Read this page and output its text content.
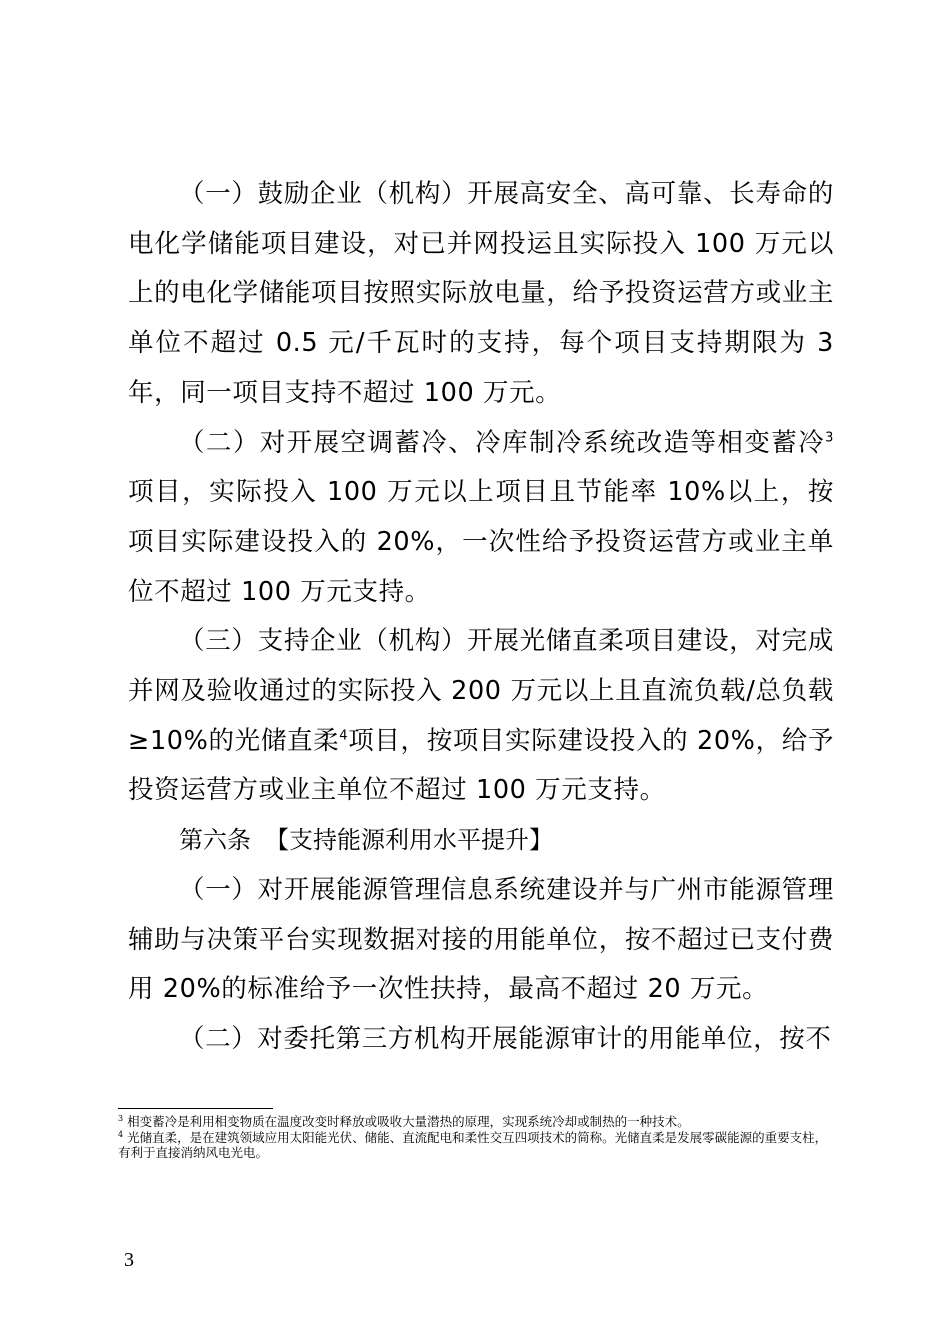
（一）鼓励企业（机构）开展高安全、高可靠、长寿命的电化学储能项目建设，对已并网投运且实际投入 100 万元以上的电化学储能项目按照实际放电量，给予投资运营方或业主单位不超过 0.5 元/千瓦时的支持，每个项目支持期限为 3 年，同一项目支持不超过 100 万元。

（二）对开展空调蓄冷、冷库制冷系统改造等相变蓄冷$^3$项目，实际投入 100 万元以上项目且节能率 10%以上，按项目实际建设投入的 20%，一次性给予投资运营方或业主单位不超过 100 万元支持。

（三）支持企业（机构）开展光储直柔项目建设，对完成并网及验收通过的实际投入 200 万元以上且直流负载/总负载≥10%的光储直柔$^4$项目，按项目实际建设投入的 20%，给予投资运营方或业主单位不超过 100 万元支持。

第六条 【支持能源利用水平提升】

（一）对开展能源管理信息系统建设并与广州市能源管理辅助与决策平台实现数据对接的用能单位，按不超过已支付费用 20%的标准给予一次性扶持，最高不超过 20 万元。

（二）对委托第三方机构开展能源审计的用能单位，按不

$^3$ 相变蓄冷是利用相变物质在温度改变时释放或吸收大量潜热的原理，实现系统冷却或制热的一种技术。

$^4$ 光储直柔，是在建筑领域应用太阳能光伏、储能、直流配电和柔性交互四项技术的简称。光储直柔是发展零碳能源的重要支柱，有利于直接消纳风电光电。

3
